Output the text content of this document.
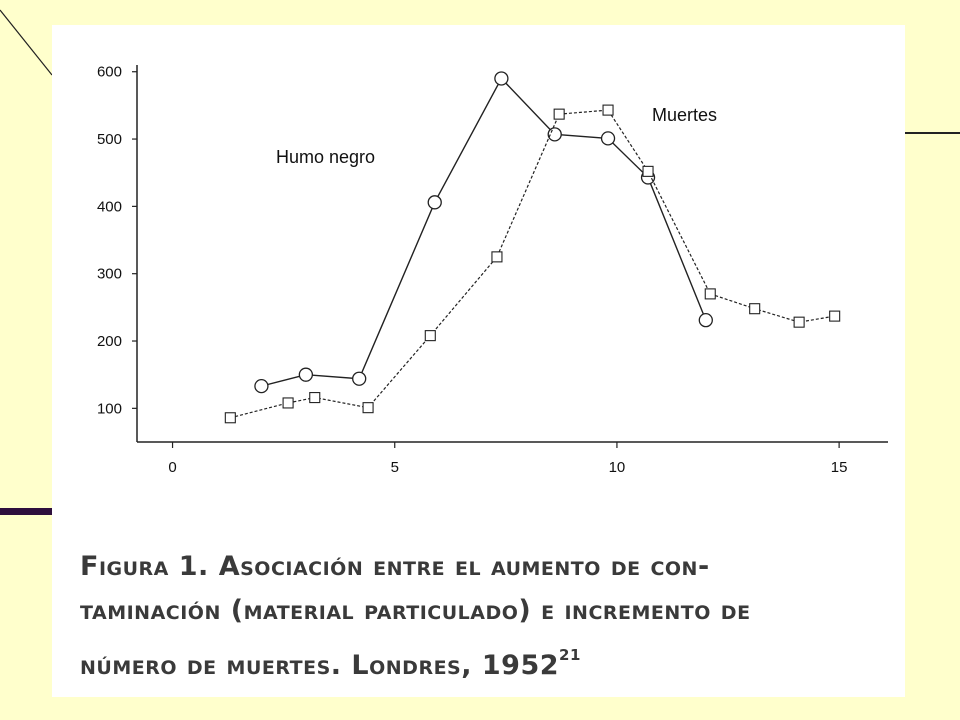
100
200
300
400
500
600
0	5	10	15
Humo negro
Muertes
Figura 1. Asociación entre el aumento de con-
taminación (material particulado) e incremento de
número de muertes. Londres, 1952$^{21}$
